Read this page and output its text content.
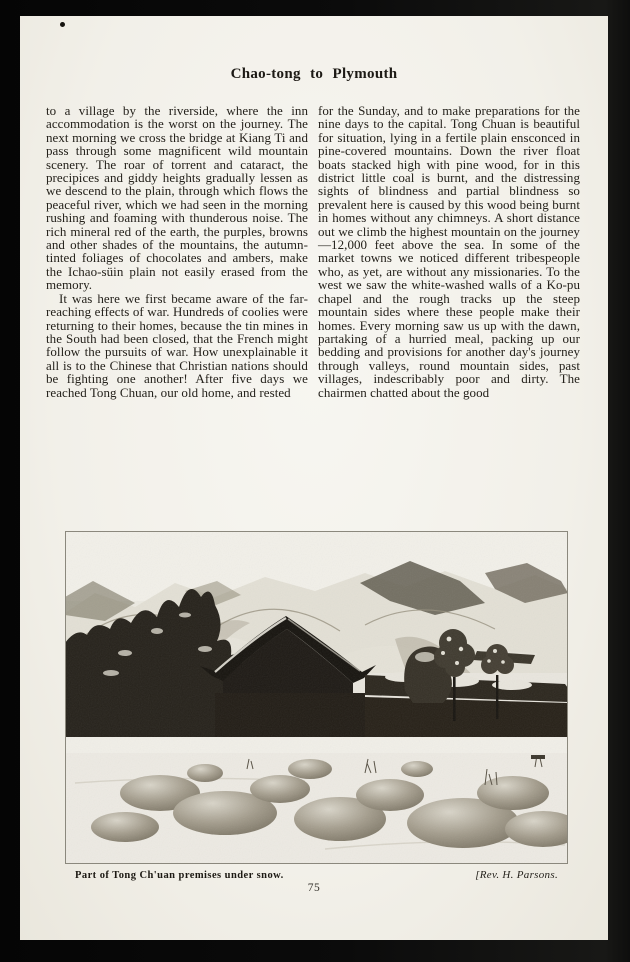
Chao-tong to Plymouth

to a village by the riverside, where the inn accommodation is the worst on the journey. The next morning we cross the bridge at Kiang Ti and pass through some magnificent wild mountain scenery. The roar of torrent and cataract, the precipices and giddy heights gradually lessen as we descend to the plain, through which flows the peaceful river, which we had seen in the morning rushing and foaming with thunderous noise. The rich mineral red of the earth, the purples, browns and other shades of the mountains, the autumn-tinted foliages of chocolates and ambers, make the Ichao-süin plain not easily erased from the memory.

It was here we first became aware of the far-reaching effects of war. Hundreds of coolies were returning to their homes, because the tin mines in the South had been closed, that the French might follow the pursuits of war. How unexplainable it all is to the Chinese that Christian nations should be fighting one another! After five days we reached Tong Chuan, our old home, and rested

for the Sunday, and to make preparations for the nine days to the capital. Tong Chuan is beautiful for situation, lying in a fertile plain ensconced in pine-covered mountains. Down the river float boats stacked high with pine wood, for in this district little coal is burnt, and the distressing sights of blindness and partial blindness so prevalent here is caused by this wood being burnt in homes without any chimneys. A short distance out we climb the highest mountain on the journey—12,000 feet above the sea. In some of the market towns we noticed different tribespeople who, as yet, are without any missionaries. To the west we saw the white-washed walls of a Ko-pu chapel and the rough tracks up the steep mountain sides where these people make their homes. Every morning saw us up with the dawn, partaking of a hurried meal, packing up our bedding and provisions for another day's journey through valleys, round mountain sides, past villages, indescribably poor and dirty. The chairmen chatted about the good

Part of Tong Ch'uan premises under snow.	[Rev. H. Parsons.
75
